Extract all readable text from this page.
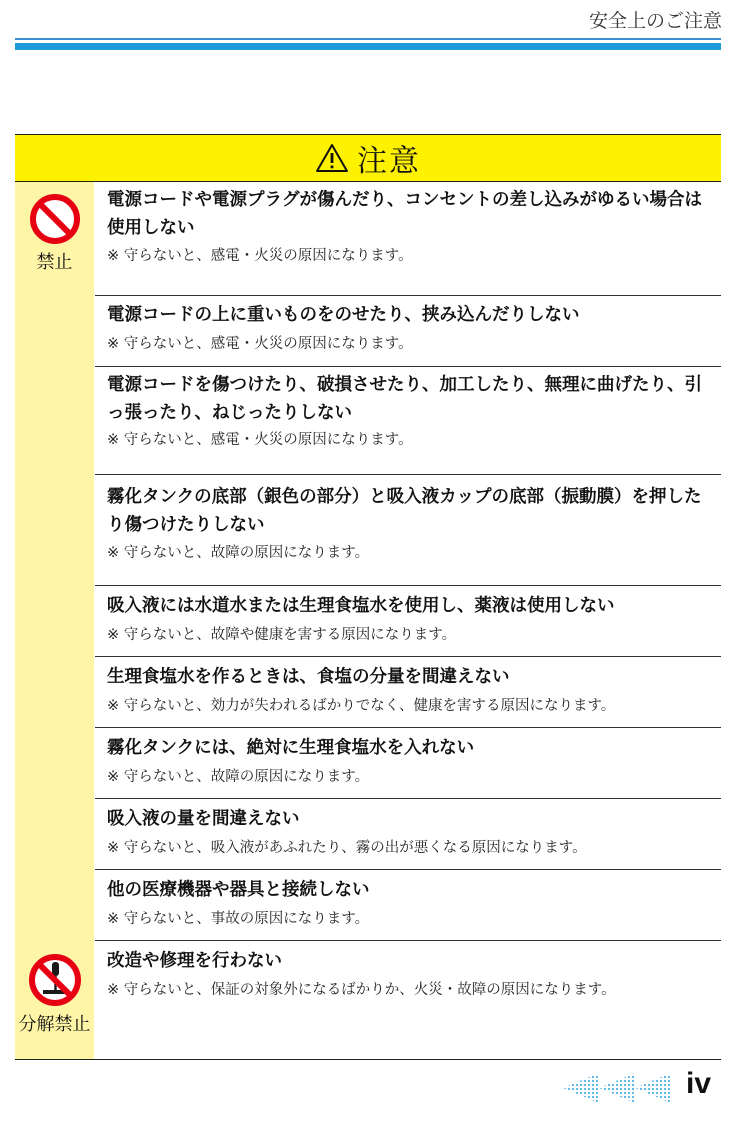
安全上のご注意
注意
禁止
分解禁止
電源コードや電源プラグが傷んだり、コンセントの差し込みがゆるい場合は使用しない
※ 守らないと、感電・火災の原因になります。
電源コードの上に重いものをのせたり、挟み込んだりしない
※ 守らないと、感電・火災の原因になります。
電源コードを傷つけたり、破損させたり、加工したり、無理に曲げたり、引っ張ったり、ねじったりしない
※ 守らないと、感電・火災の原因になります。
霧化タンクの底部（銀色の部分）と吸入液カップの底部（振動膜）を押したり傷つけたりしない
※ 守らないと、故障の原因になります。
吸入液には水道水または生理食塩水を使用し、薬液は使用しない
※ 守らないと、故障や健康を害する原因になります。
生理食塩水を作るときは、食塩の分量を間違えない
※ 守らないと、効力が失われるばかりでなく、健康を害する原因になります。
霧化タンクには、絶対に生理食塩水を入れない
※ 守らないと、故障の原因になります。
吸入液の量を間違えない
※ 守らないと、吸入液があふれたり、霧の出が悪くなる原因になります。
他の医療機器や器具と接続しない
※ 守らないと、事故の原因になります。
改造や修理を行わない
※ 守らないと、保証の対象外になるばかりか、火災・故障の原因になります。
iv
